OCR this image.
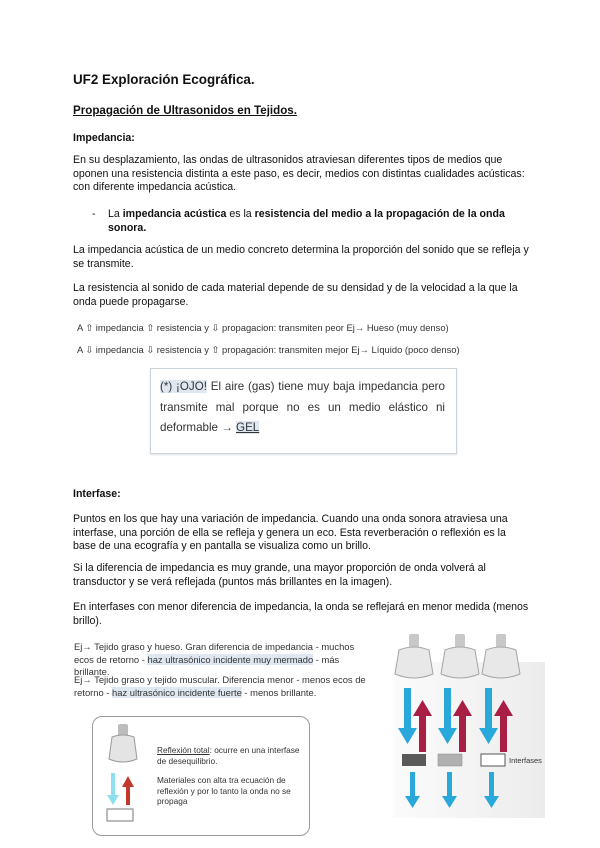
UF2 Exploración Ecográfica.
Propagación de Ultrasonidos en Tejidos.
Impedancia:
En su desplazamiento, las ondas de ultrasonidos atraviesan diferentes tipos de medios que oponen una resistencia distinta a este paso, es decir, medios con distintas cualidades acústicas: con diferente impedancia acústica.
- La impedancia acústica es la resistencia del medio a la propagación de la onda sonora.
La impedancia acústica de un medio concreto determina la proporción del sonido que se refleja y se transmite.
La resistencia al sonido de cada material depende de su densidad y de la velocidad a la que la onda puede propagarse.
A ⇧ impedancia ⇧ resistencia y ⇩ propagacion: transmiten peor Ej→ Hueso (muy denso)
A ⇩ impedancia ⇩ resistencia y ⇧ propagación: transmiten mejor Ej→ Líquido (poco denso)

(*) ¡OJO! El aire (gas) tiene muy baja impedancia pero transmite mal porque no es un medio elástico ni deformable → GEL

Interfase:
Puntos en los que hay una variación de impedancia. Cuando una onda sonora atraviesa una interfase, una porción de ella se refleja y genera un eco. Esta reverberación o reflexión es la base de una ecografía y en pantalla se visualiza como un brillo.
Si la diferencia de impedancia es muy grande, una mayor proporción de onda volverá al transductor y se verá reflejada (puntos más brillantes en la imagen).
En interfases con menor diferencia de impedancia, la onda se reflejará en menor medida (menos brillo).
Ej→ Tejido graso y hueso. Gran diferencia de impedancia - muchos ecos de retorno - haz ultrasónico incidente muy mermado - más brillante.
Ej→ Tejido graso y tejido muscular. Diferencia menor - menos ecos de retorno - haz ultrasónico incidente fuerte - menos brillante.

Reflexión total: ocurre en una interfase de desequilibrio.

Materiales con alta tra ecuación de reflexión y por lo tanto la onda no se propaga

Interfases
